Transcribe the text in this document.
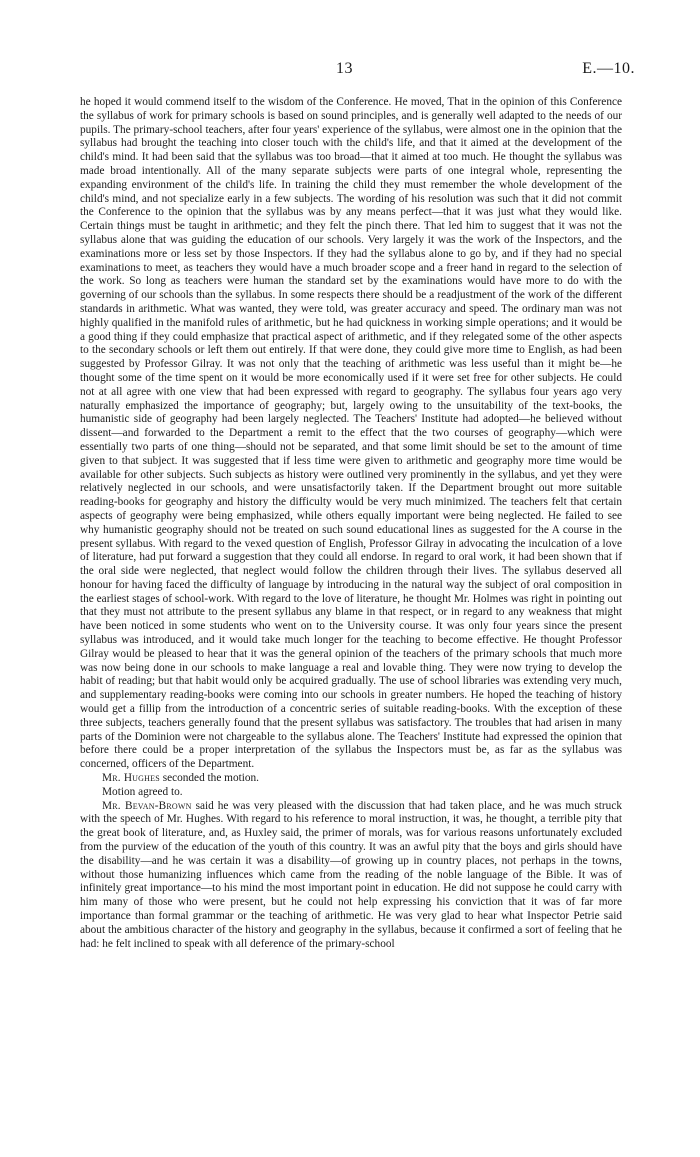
13	E.—10.

he hoped it would commend itself to the wisdom of the Conference. He moved, That in the opinion of this Conference the syllabus of work for primary schools is based on sound principles, and is generally well adapted to the needs of our pupils. The primary-school teachers, after four years' experience of the syllabus, were almost one in the opinion that the syllabus had brought the teaching into closer touch with the child's life, and that it aimed at the development of the child's mind. It had been said that the syllabus was too broad—that it aimed at too much. He thought the syllabus was made broad intentionally. All of the many separate subjects were parts of one integral whole, representing the expanding environment of the child's life. In training the child they must remember the whole development of the child's mind, and not specialize early in a few subjects. The wording of his resolution was such that it did not commit the Conference to the opinion that the syllabus was by any means perfect—that it was just what they would like. Certain things must be taught in arithmetic; and they felt the pinch there. That led him to suggest that it was not the syllabus alone that was guiding the education of our schools. Very largely it was the work of the Inspectors, and the examinations more or less set by those Inspectors. If they had the syllabus alone to go by, and if they had no special examinations to meet, as teachers they would have a much broader scope and a freer hand in regard to the selection of the work. So long as teachers were human the standard set by the examinations would have more to do with the governing of our schools than the syllabus. In some respects there should be a readjustment of the work of the different standards in arithmetic. What was wanted, they were told, was greater accuracy and speed. The ordinary man was not highly qualified in the manifold rules of arithmetic, but he had quickness in working simple operations; and it would be a good thing if they could emphasize that practical aspect of arithmetic, and if they relegated some of the other aspects to the secondary schools or left them out entirely. If that were done, they could give more time to English, as had been suggested by Professor Gilray. It was not only that the teaching of arithmetic was less useful than it might be—he thought some of the time spent on it would be more economically used if it were set free for other subjects. He could not at all agree with one view that had been expressed with regard to geography. The syllabus four years ago very naturally emphasized the importance of geography; but, largely owing to the unsuitability of the text-books, the humanistic side of geography had been largely neglected. The Teachers' Institute had adopted—he believed without dissent—and forwarded to the Department a remit to the effect that the two courses of geography—which were essentially two parts of one thing—should not be separated, and that some limit should be set to the amount of time given to that subject. It was suggested that if less time were given to arithmetic and geography more time would be available for other subjects. Such subjects as history were outlined very prominently in the syllabus, and yet they were relatively neglected in our schools, and were unsatisfactorily taken. If the Department brought out more suitable reading-books for geography and history the difficulty would be very much minimized. The teachers felt that certain aspects of geography were being emphasized, while others equally important were being neglected. He failed to see why humanistic geography should not be treated on such sound educational lines as suggested for the A course in the present syllabus. With regard to the vexed question of English, Professor Gilray in advocating the inculcation of a love of literature, had put forward a suggestion that they could all endorse. In regard to oral work, it had been shown that if the oral side were neglected, that neglect would follow the children through their lives. The syllabus deserved all honour for having faced the difficulty of language by introducing in the natural way the subject of oral composition in the earliest stages of school-work. With regard to the love of literature, he thought Mr. Holmes was right in pointing out that they must not attribute to the present syllabus any blame in that respect, or in regard to any weakness that might have been noticed in some students who went on to the University course. It was only four years since the present syllabus was introduced, and it would take much longer for the teaching to become effective. He thought Professor Gilray would be pleased to hear that it was the general opinion of the teachers of the primary schools that much more was now being done in our schools to make language a real and lovable thing. They were now trying to develop the habit of reading; but that habit would only be acquired gradually. The use of school libraries was extending very much, and supplementary reading-books were coming into our schools in greater numbers. He hoped the teaching of history would get a fillip from the introduction of a concentric series of suitable reading-books. With the exception of these three subjects, teachers generally found that the present syllabus was satisfactory. The troubles that had arisen in many parts of the Dominion were not chargeable to the syllabus alone. The Teachers' Institute had expressed the opinion that before there could be a proper interpretation of the syllabus the Inspectors must be, as far as the syllabus was concerned, officers of the Department.

Mr. Hughes seconded the motion.

Motion agreed to.

Mr. Bevan-Brown said he was very pleased with the discussion that had taken place, and he was much struck with the speech of Mr. Hughes. With regard to his reference to moral instruction, it was, he thought, a terrible pity that the great book of literature, and, as Huxley said, the primer of morals, was for various reasons unfortunately excluded from the purview of the education of the youth of this country. It was an awful pity that the boys and girls should have the disability—and he was certain it was a disability—of growing up in country places, not perhaps in the towns, without those humanizing influences which came from the reading of the noble language of the Bible. It was of infinitely great importance—to his mind the most important point in education. He did not suppose he could carry with him many of those who were present, but he could not help expressing his conviction that it was of far more importance than formal grammar or the teaching of arithmetic. He was very glad to hear what Inspector Petrie said about the ambitious character of the history and geography in the syllabus, because it confirmed a sort of feeling that he had: he felt inclined to speak with all deference of the primary-school
